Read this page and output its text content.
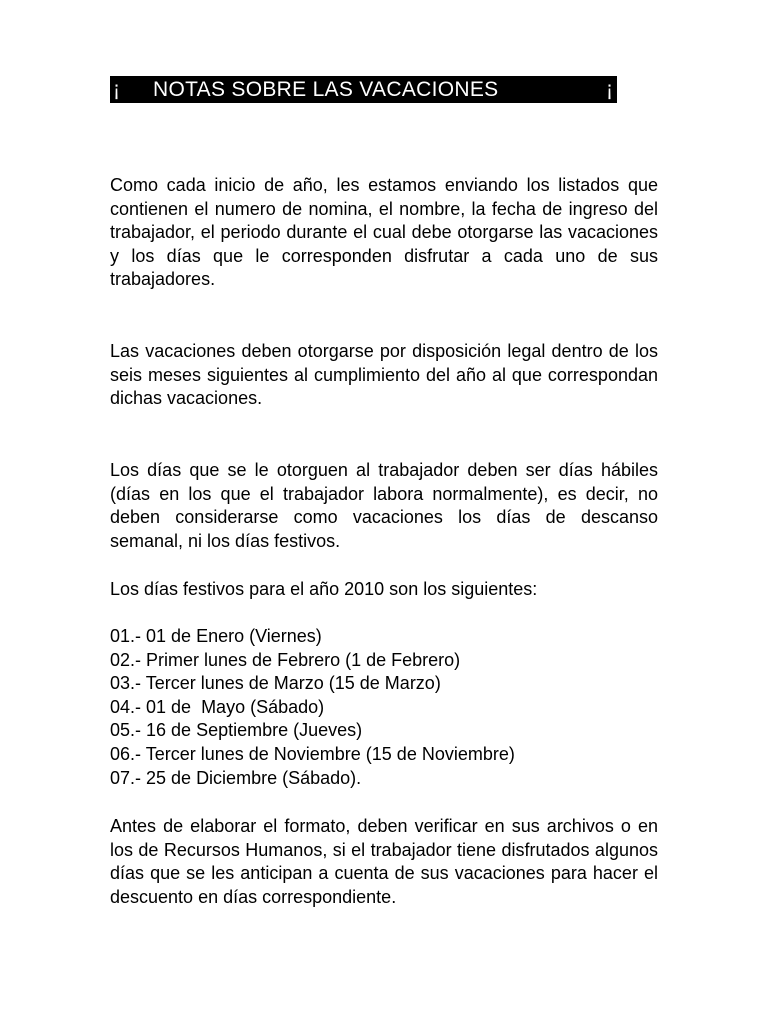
¡

NOTAS SOBRE LAS VACACIONES

	¡

Como cada inicio de año, les estamos enviando los listados que contienen el numero de nomina, el nombre, la fecha de ingreso del trabajador, el periodo durante el cual debe otorgarse las vacaciones y los días que le corresponden disfrutar a cada uno de sus trabajadores.

Las vacaciones deben otorgarse por disposición legal dentro de los seis meses siguientes al cumplimiento del año al que correspondan dichas vacaciones.

Los días que se le otorguen al trabajador deben ser días hábiles (días en los que el trabajador labora normalmente), es decir, no deben considerarse como vacaciones los días de descanso semanal, ni los días festivos.

Los días festivos para el año 2010 son los siguientes:

01.- 01 de Enero (Viernes)
02.- Primer lunes de Febrero (1 de Febrero)
03.- Tercer lunes de Marzo (15 de Marzo)
04.- 01 de  Mayo (Sábado)
05.- 16 de Septiembre (Jueves)
06.- Tercer lunes de Noviembre (15 de Noviembre)
07.- 25 de Diciembre (Sábado).

Antes de elaborar el formato, deben verificar en sus archivos o en los de Recursos Humanos, si el trabajador tiene disfrutados algunos días que se les anticipan a cuenta de sus vacaciones para hacer el descuento en días correspondiente.
